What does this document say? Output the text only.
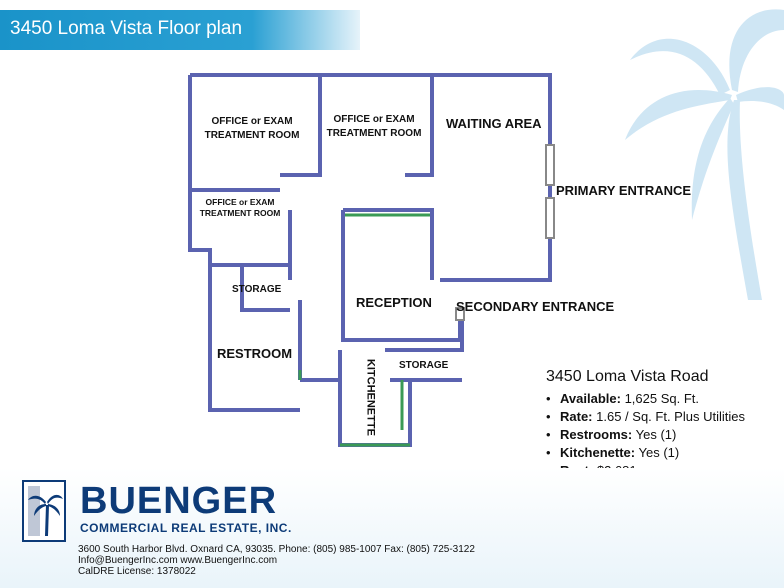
3450 Loma Vista Floor plan
OFFICE or EXAM
TREATMENT ROOM
OFFICE or EXAM
TREATMENT ROOM
OFFICE or EXAM
TREATMENT ROOM
WAITING AREA
PRIMARY ENTRANCE
SECONDARY ENTRANCE
RECEPTION
STORAGE
STORAGE
RESTROOM
KITCHENETTE	3450 Loma Vista Road
• Available: 1,625 Sq. Ft.
• Rate: 1.65 / Sq. Ft. Plus Utilities
• Restrooms: Yes (1)
• Kitchenette: Yes (1)
BUENGER
COMMERCIAL REAL ESTATE, INC.
3600 South Harbor Blvd. Oxnard CA, 93035. Phone: (805) 985-1007 Fax: (805) 725-3122
Info@BuengerInc.com www.BuengerInc.com
CalDRE License: 1378022
